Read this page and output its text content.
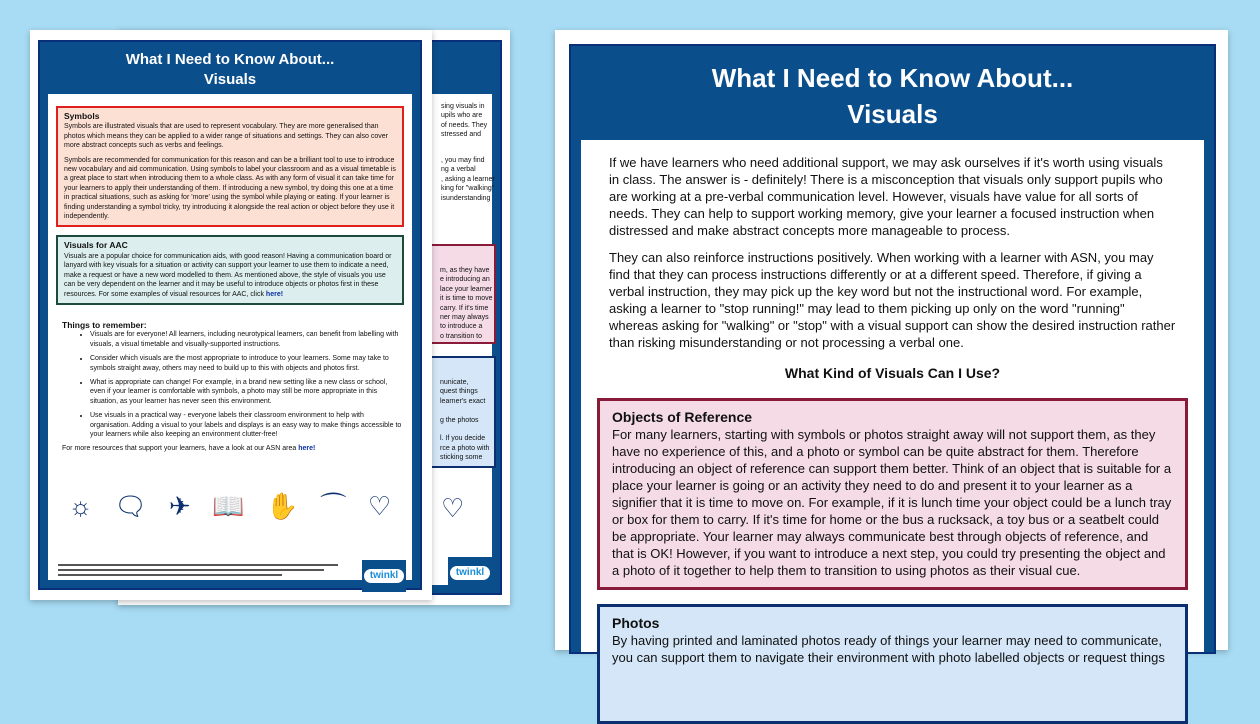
sing visuals in
upils who are
of needs. They
stressed and
, you may find
ng a verbal
, asking a learner
king for "walking"
isunderstanding
m, as they have
e introducing an
lace your learner
it is time to move
carry. If it's time
ner may always
to introduce a
o transition to
nunicate,
quest things
learner's exact

g the photos

l. If you decide
rce a photo with
sticking some
♡
twinkl
What I Need to Know About...
Visuals
Symbols

Symbols are illustrated visuals that are used to represent vocabulary. They are more generalised than photos which means they can be applied to a wider range of situations and settings. They can also cover more abstract concepts such as verbs and feelings.

Symbols are recommended for communication for this reason and can be a brilliant tool to use to introduce new vocabulary and aid communication. Using symbols to label your classroom and as a visual timetable is a great place to start when introducing them to a whole class. As with any form of visual it can take time for your learners to apply their understanding of them. If introducing a new symbol, try doing this one at a time in practical situations, such as asking for 'more' using the symbol while playing or eating. If your learner is finding understanding a symbol tricky, try introducing it alongside the real action or object before they use it independently.

Visuals for AAC
Visuals are a popular choice for communication aids, with good reason! Having a communication board or lanyard with key visuals for a situation or activity can support your learner to use them to indicate a need, make a request or have a new word modelled to them. As mentioned above, the style of visuals you use can be very dependent on the learner and it may be useful to introduce objects or photos first in these resources. For some examples of visual resources for AAC, click here!
Things to remember:
• Visuals are for everyone! All learners, including neurotypical learners, can benefit from labelling with visuals, a visual timetable and visually-supported instructions.
• Consider which visuals are the most appropriate to introduce to your learners. Some may take to symbols straight away, others may need to build up to this with objects and photos first.
• What is appropriate can change! For example, in a brand new setting like a new class or school, even if your learner is comfortable with symbols, a photo may still be more appropriate in this situation, as your learner has never seen this environment.
• Use visuals in a practical way - everyone labels their classroom environment to help with organisation. Adding a visual to your labels and displays is an easy way to make things accessible to your learners while also keeping an environment clutter-free!
For more resources that support your learners, have a look at our ASN area here!
☼ 🗨 ✈ 📖 ✋ ⌒ ♡
twinkl
What I Need to Know About...
Visuals

If we have learners who need additional support, we may ask ourselves if it's worth using visuals in class. The answer is - definitely! There is a misconception that visuals only support pupils who are working at a pre-verbal communication level. However, visuals have value for all sorts of needs. They can help to support working memory, give your learner a focused instruction when distressed and make abstract concepts more manageable to process.

They can also reinforce instructions positively. When working with a learner with ASN, you may find that they can process instructions differently or at a different speed. Therefore, if giving a verbal instruction, they may pick up the key word but not the instructional word. For example, asking a learner to "stop running!" may lead to them picking up only on the word "running" whereas asking for "walking" or "stop" with a visual support can show the desired instruction rather than risking misunderstanding or not processing a verbal one.

What Kind of Visuals Can I Use?
Objects of Reference
For many learners, starting with symbols or photos straight away will not support them, as they have no experience of this, and a photo or symbol can be quite abstract for them. Therefore introducing an object of reference can support them better. Think of an object that is suitable for a place your learner is going or an activity they need to do and present it to your learner as a signifier that it is time to move on. For example, if it is lunch time your object could be a lunch tray or box for them to carry. If it's time for home or the bus a rucksack, a toy bus or a seatbelt could be appropriate. Your learner may always communicate best through objects of reference, and that is OK! However, if you want to introduce a next step, you could try presenting the object and a photo of it together to help them to transition to using photos as their visual cue.
Photos
By having printed and laminated photos ready of things your learner may need to communicate, you can support them to navigate their environment with photo labelled objects or request things
